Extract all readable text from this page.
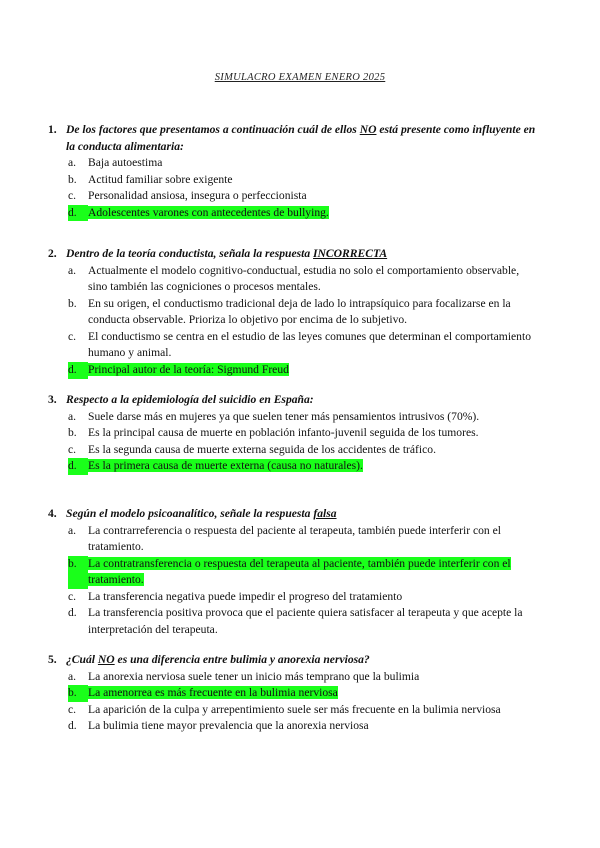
SIMULACRO EXAMEN ENERO 2025
1. De los factores que presentamos a continuación cuál de ellos NO está presente como influyente en la conducta alimentaria:
a.	Baja autoestima
b. Actitud familiar sobre exigente
c.	Personalidad ansiosa, insegura o perfeccionista
d. Adolescentes varones con antecedentes de bullying.
2. Dentro de la teoría conductista, señala la respuesta INCORRECTA
a.	Actualmente el modelo cognitivo-conductual, estudia no solo el comportamiento observable, sino también las cogniciones o procesos mentales.
b. En su origen, el conductismo tradicional deja de lado lo intrapsíquico para focalizarse en la conducta observable. Prioriza lo objetivo por encima de lo subjetivo.
c.	El conductismo se centra en el estudio de las leyes comunes que determinan el comportamiento humano y animal.
d. Principal autor de la teoría: Sigmund Freud
3. Respecto a la epidemiología del suicidio en España:
a.	Suele darse más en mujeres ya que suelen tener más pensamientos intrusivos (70%).
b. Es la principal causa de muerte en población infanto-juvenil seguida de los tumores.
c.	Es la segunda causa de muerte externa seguida de los accidentes de tráfico.
d. Es la primera causa de muerte externa (causa no naturales).
4. Según el modelo psicoanalítico, señale la respuesta falsa
a.	La contrarreferencia o respuesta del paciente al terapeuta, también puede interferir con el tratamiento.
b. La contratransferencia o respuesta del terapeuta al paciente, también puede interferir con el tratamiento.
c.	La transferencia negativa puede impedir el progreso del tratamiento
d. La transferencia positiva provoca que el paciente quiera satisfacer al terapeuta y que acepte la interpretación del terapeuta.
5. ¿Cuál NO es una diferencia entre bulimia y anorexia nerviosa?
a.	La anorexia nerviosa suele tener un inicio más temprano que la bulimia
b. La amenorrea es más frecuente en la bulimia nerviosa
c.	La aparición de la culpa y arrepentimiento suele ser más frecuente en la bulimia nerviosa
d. La bulimia tiene mayor prevalencia que la anorexia nerviosa
